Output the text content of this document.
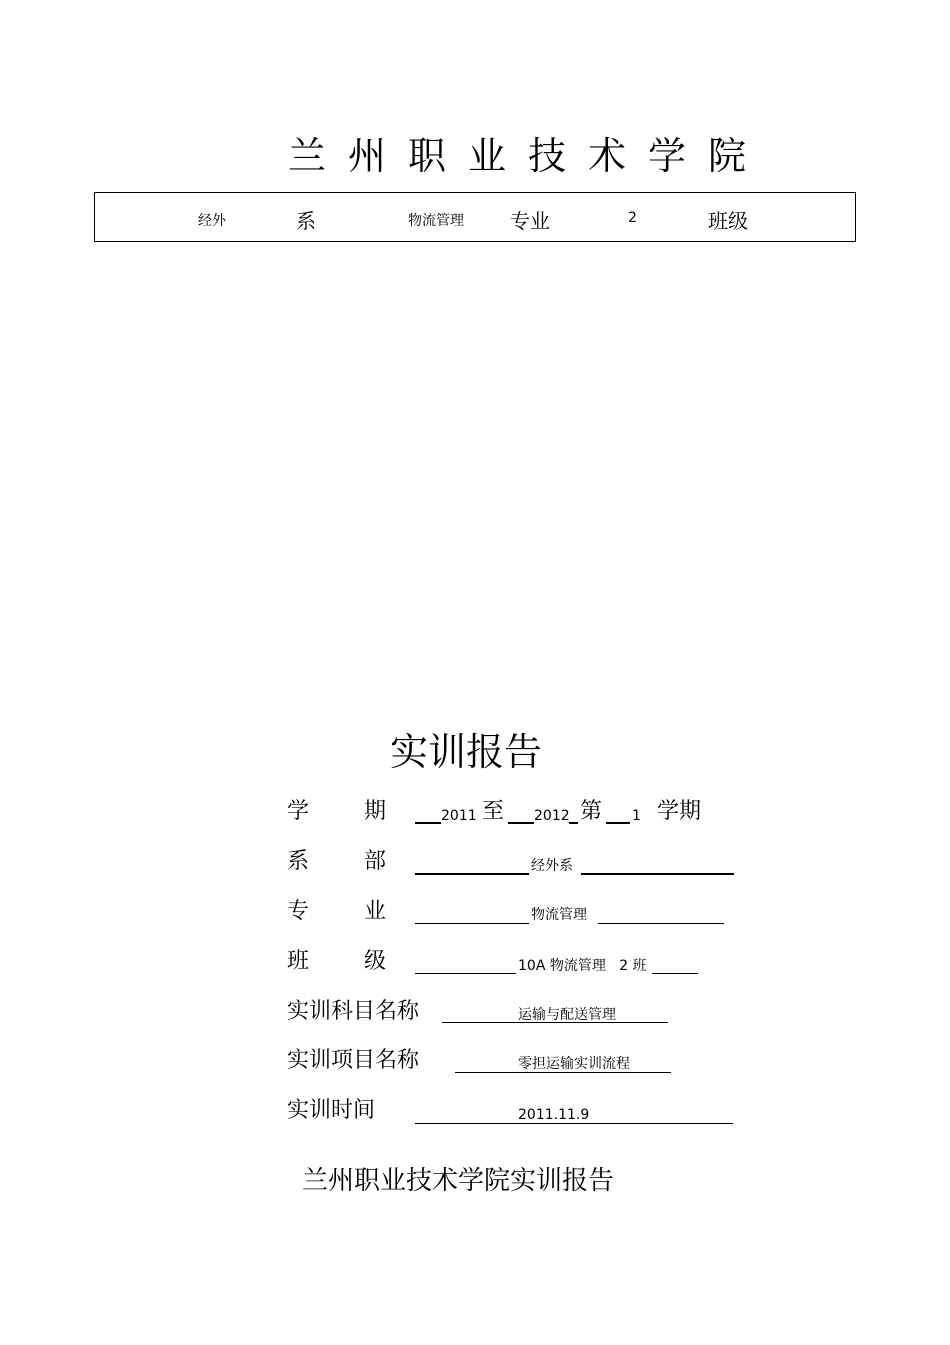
兰州职业技术学院
经外	系	物流管理 专业	2	班级
实训报告
学 期	2011 至 2012 第 1 学期
系 部	经外系
专 业	物流管理
班 级	10A 物流管理   2 班
实训科目名称	运输与配送管理
实训项目名称	零担运输实训流程
实训时间	2011.11.9
兰州职业技术学院实训报告
